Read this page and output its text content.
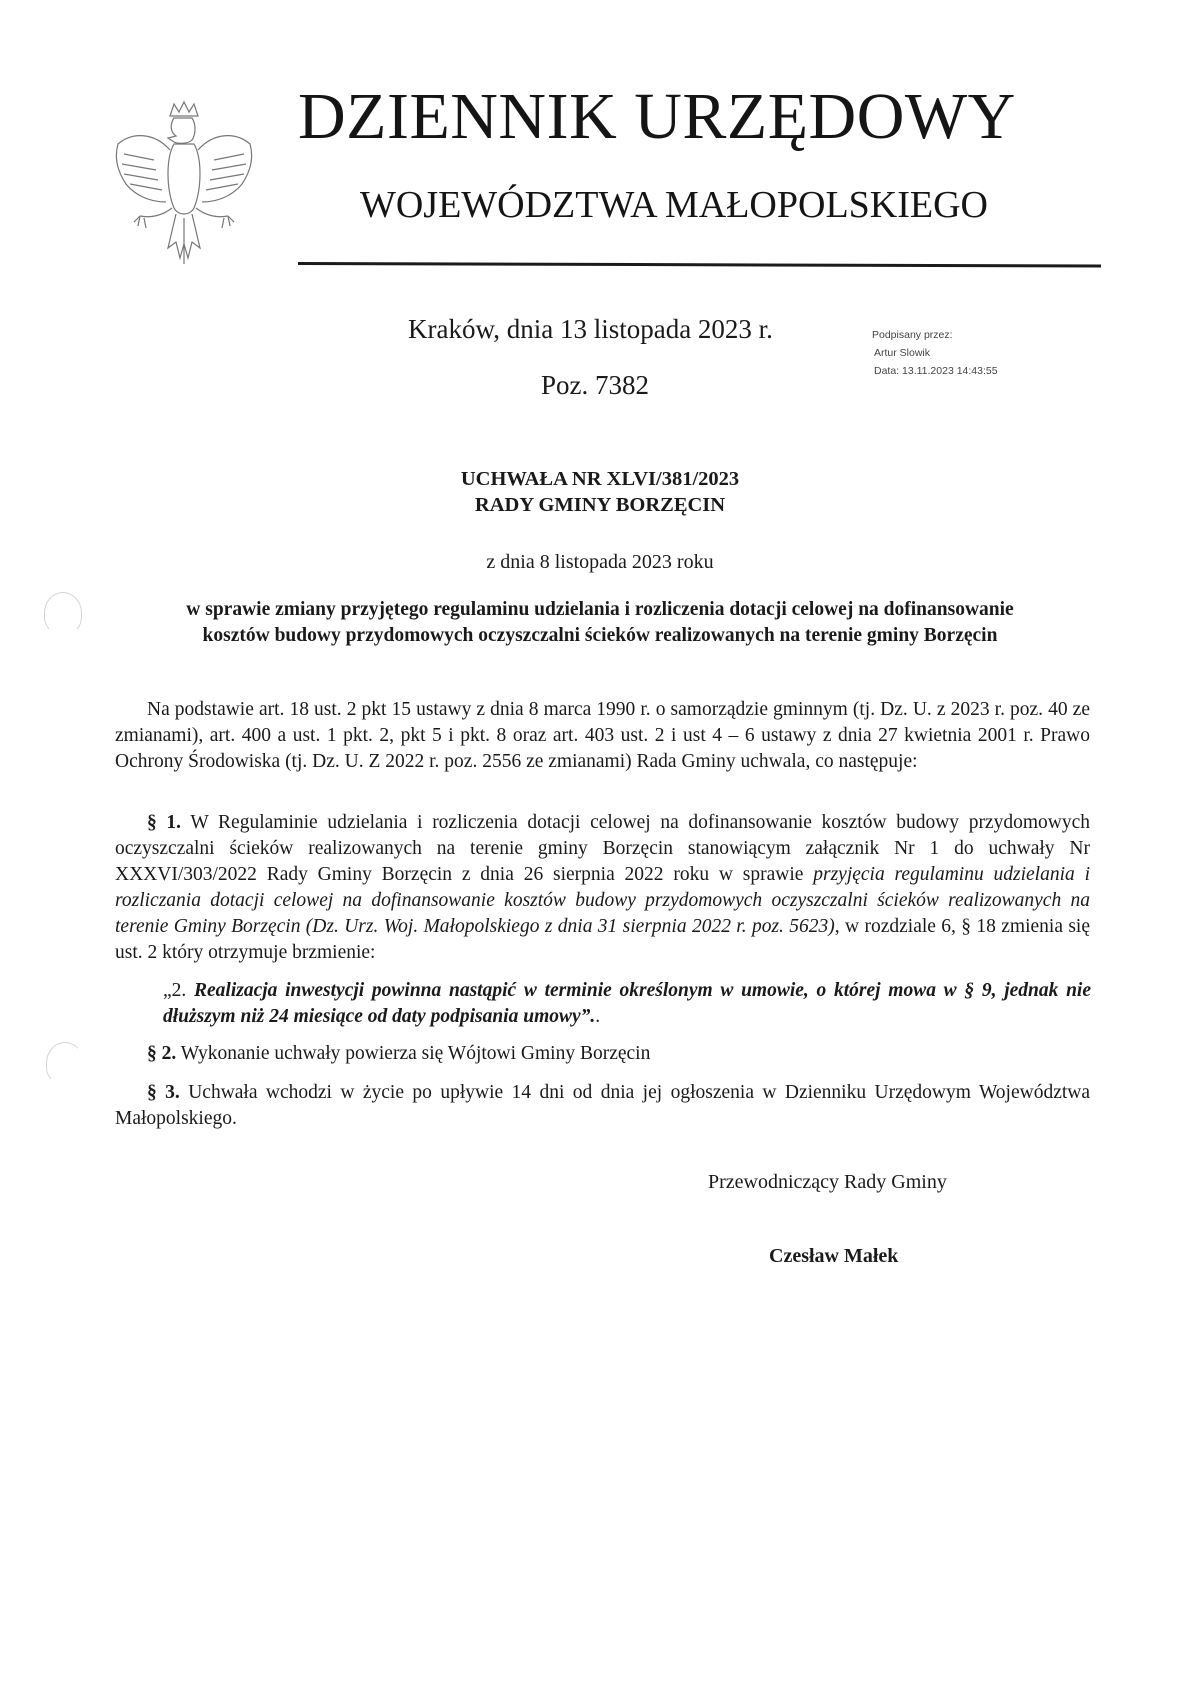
DZIENNIK URZĘDOWY
WOJEWÓDZTWA MAŁOPOLSKIEGO
Kraków, dnia 13 listopada 2023 r.
Poz. 7382
Podpisany przez:
Artur Slowik
Data: 13.11.2023 14:43:55
UCHWAŁA NR XLVI/381/2023
RADY GMINY BORZĘCIN
z dnia 8 listopada 2023 roku
w sprawie zmiany przyjętego regulaminu udzielania i rozliczenia dotacji celowej na dofinansowanie
kosztów budowy przydomowych oczyszczalni ścieków realizowanych na terenie gminy Borzęcin
Na podstawie art. 18 ust. 2 pkt 15 ustawy z dnia 8 marca 1990 r. o samorządzie gminnym (tj. Dz. U. z 2023 r. poz. 40 ze zmianami), art. 400 a ust. 1 pkt. 2, pkt 5 i pkt. 8 oraz art. 403 ust. 2 i ust 4 – 6 ustawy z dnia 27 kwietnia 2001 r. Prawo Ochrony Środowiska (tj. Dz. U. Z 2022 r. poz. 2556 ze zmianami) Rada Gminy uchwala, co następuje:
§ 1. W Regulaminie udzielania i rozliczenia dotacji celowej na dofinansowanie kosztów budowy przydomowych oczyszczalni ścieków realizowanych na terenie gminy Borzęcin stanowiącym załącznik Nr 1 do uchwały Nr XXXVI/303/2022 Rady Gminy Borzęcin z dnia 26 sierpnia 2022 roku w sprawie przyjęcia regulaminu udzielania i rozliczania dotacji celowej na dofinansowanie kosztów budowy przydomowych oczyszczalni ścieków realizowanych na terenie Gminy Borzęcin (Dz. Urz. Woj. Małopolskiego z dnia 31 sierpnia 2022 r. poz. 5623), w rozdziale 6, § 18 zmienia się ust. 2 który otrzymuje brzmienie:
„2. Realizacja inwestycji powinna nastąpić w terminie określonym w umowie, o której mowa w § 9, jednak nie dłuższym niż 24 miesiące od daty podpisania umowy”..
§ 2. Wykonanie uchwały powierza się Wójtowi Gminy Borzęcin
§ 3. Uchwała wchodzi w życie po upływie 14 dni od dnia jej ogłoszenia w Dzienniku Urzędowym Województwa Małopolskiego.
Przewodniczący Rady Gminy
Czesław Małek
